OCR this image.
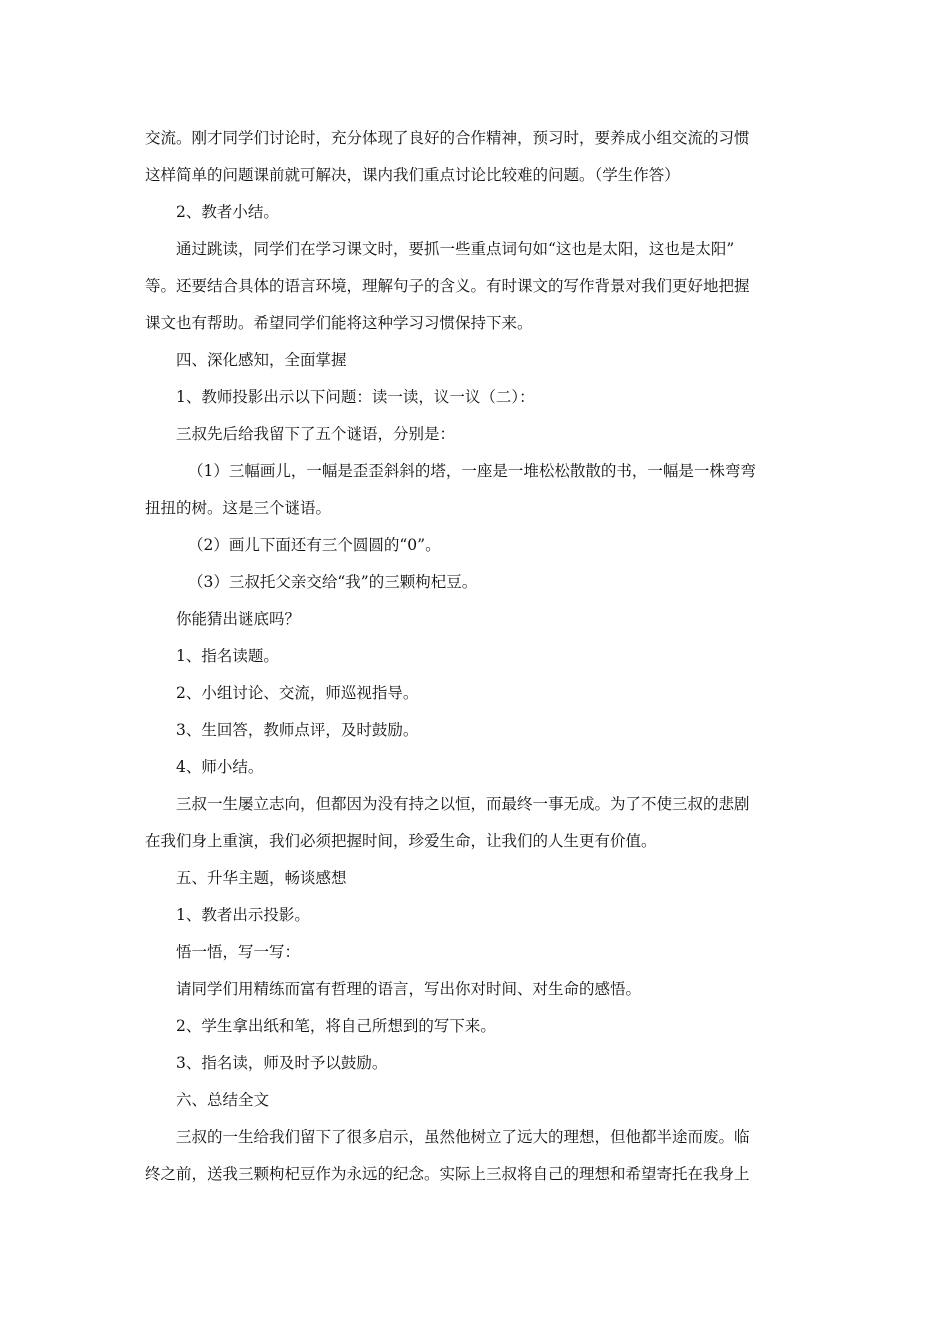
交流。刚才同学们讨论时，充分体现了良好的合作精神，预习时，要养成小组交流的习惯
这样简单的问题课前就可解决，课内我们重点讨论比较难的问题。（学生作答）
2、教者小结。
通过跳读，同学们在学习课文时，要抓一些重点词句如“这也是太阳，这也是太阳”
等。还要结合具体的语言环境，理解句子的含义。有时课文的写作背景对我们更好地把握
课文也有帮助。希望同学们能将这种学习习惯保持下来。
四、深化感知，全面掌握
1、教师投影出示以下问题：读一读，议一议（二）：
三叔先后给我留下了五个谜语，分别是：
（1）三幅画儿，一幅是歪歪斜斜的塔，一座是一堆松松散散的书，一幅是一株弯弯
扭扭的树。这是三个谜语。
（2）画儿下面还有三个圆圆的“0”。
（3）三叔托父亲交给“我”的三颗枸杞豆。
你能猜出谜底吗？
1、指名读题。
2、小组讨论、交流，师巡视指导。
3、生回答，教师点评，及时鼓励。
4、师小结。
三叔一生屡立志向，但都因为没有持之以恒，而最终一事无成。为了不使三叔的悲剧
在我们身上重演，我们必须把握时间，珍爱生命，让我们的人生更有价值。
五、升华主题，畅谈感想
1、教者出示投影。
悟一悟，写一写：
请同学们用精练而富有哲理的语言，写出你对时间、对生命的感悟。
2、学生拿出纸和笔，将自己所想到的写下来。
3、指名读，师及时予以鼓励。
六、总结全文
三叔的一生给我们留下了很多启示，虽然他树立了远大的理想，但他都半途而废。临
终之前，送我三颗枸杞豆作为永远的纪念。实际上三叔将自己的理想和希望寄托在我身上
